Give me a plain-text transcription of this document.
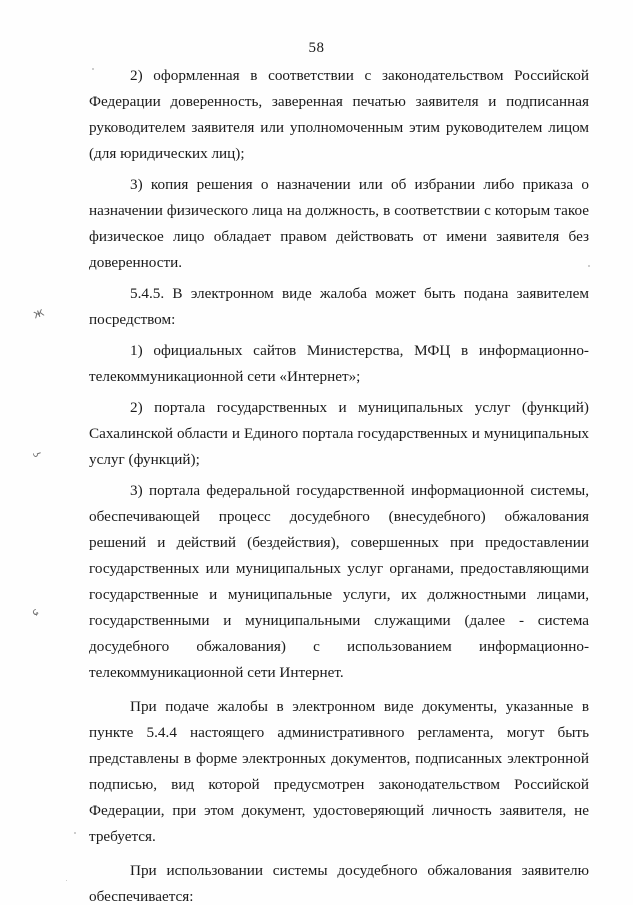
58
ж
ʖ
ɕ

2) оформленная в соответствии с законодательством Российской Федерации доверенность, заверенная печатью заявителя и подписанная руководителем заявителя или уполномоченным этим руководителем лицом (для юридических лиц);

3) копия решения о назначении или об избрании либо приказа о назначении физического лица на должность, в соответствии с которым такое физическое лицо обладает правом действовать от имени заявителя без доверенности.

5.4.5. В электронном виде жалоба может быть подана заявителем посредством:

1) официальных сайтов Министерства, МФЦ в информационно-телекоммуникационной сети «Интернет»;

2) портала государственных и муниципальных услуг (функций) Сахалинской области и Единого портала государственных и муниципальных услуг (функций);

3) портала федеральной государственной информационной системы, обеспечивающей процесс досудебного (внесудебного) обжалования решений и действий (бездействия), совершенных при предоставлении государственных или муниципальных услуг органами, предоставляющими государственные и муниципальные услуги, их должностными лицами, государственными и муниципальными служащими (далее - система досудебного обжалования) с использованием информационно-телекоммуникационной сети Интернет.

При подаче жалобы в электронном виде документы, указанные в пункте 5.4.4 настоящего административного регламента, могут быть представлены в форме электронных документов, подписанных электронной подписью, вид которой предусмотрен законодательством Российской Федерации, при этом документ, удостоверяющий личность заявителя, не требуется.

При использовании системы досудебного обжалования заявителю обеспечивается:
